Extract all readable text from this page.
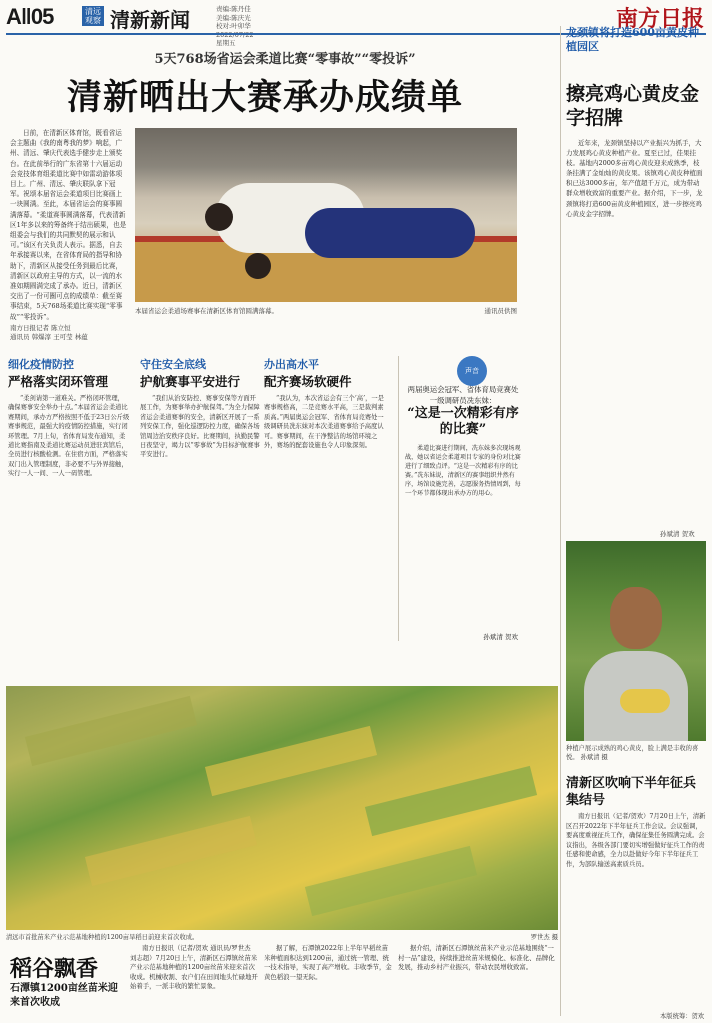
A‖05	清远观察 清新新闻
责编:陈丹佳
美编:陈庆光
校对:叶卯华
星期五
南方日报
5天768场省运会柔道比赛“零事故”“零投诉”
清新晒出大赛承办成绩单
日前，在清新区体育馆，既看省运会主题曲《我的南粤我的梦》响起，广州、清远、肇庆代表选手健步走上颁奖台。在此前举行的广东省第十六届运动会竞技体育组柔道比赛中如雷动游体项目上。广州、清远、肇庆联队拿下冠军。祝颂本届省运会柔道项目比赛画上一块圆满。至此，本届省运会的赛事圆满落幕。“柔道赛事圆满落幕，代表清新区1年多以来的筹备终于结出硕果，也是组委会与我们的共同默契的展示和认可。”该区有关负责人表示。据悉，自去年承接赛以来，在省体育局的指导和协助下，清新区从接受任务到最后比赛，清新区以政府主导的方式，以一流的水准如期圆满完成了承办。近日，清新区交出了一份可圈可点的成绩单：截至赛事结束，5天768场柔道比赛实现“零事故”“零投诉”。
南方日报记者 陈立恒
通讯员 韩爆淳 王可莹 林蕴
本届省运会柔道场赛事在清新区体育馆圆满落幕。	通讯员供图
细化疫情防控
严格落实闭环管理
“柔剑请第一道难关。严格闭环管理，确保赛事安全举办十点。”本届省运会柔道比赛期间，承办方严格按照不低于23日公斤级赛事规范，最强大的疫情防控措施，实行闭环管理。7月上旬，省体育局发布通知，柔道比赛指南及柔道比赛运动员进驻宾馆后，全员进行核酸检测。在住宿方面，严格落实双门出入管理制度，非必要不与外界接触，实行一人一间、一人一码管理。
守住安全底线
护航赛事平安进行
“我们从治安防控、赛事安保等方面开展工作，为赛事举办护航保驾。”为全力保障省运会柔道赛事的安全，清新区开展了一系列安保工作，强化巡逻防控力度，确保各场馆周边治安秩序良好。比赛期间，执勤民警日夜坚守，竭力以“零事故”为目标护航赛事平安进行。
办出高水平
配齐赛场软硬件
“我认为，本次省运会有三个‘高’，一是赛事规格高，二是竞赛水平高，三是裁判素质高。”两届奥运会冠军、省体育局竞赛处一级调研员冼东妹对本次柔道赛事给予高度认可。赛事期间，在干净整洁的场馆环境之外，赛场的配套设施也令人印象深刻。
声音
两届奥运会冠军、省体育局竞赛处一级调研员冼东妹：
“这是一次精彩有序的比赛”
柔道比赛进行期间，冼东妹多次现场观战，她以省运会柔道项目专家的身份对比赛进行了细致点评。“这是一次精彩有序的比赛。”冼东妹说，清新区的赛事组织井然有序，场馆设施完善，志愿服务热情周到，每一个环节都体现出承办方的用心。
孙斌清 贺欢
龙颈镇将打造600亩黄皮种植园区
擦亮鸡心黄皮金字招牌
近年来，龙颈镇坚持以产业振兴为抓手，大力发展鸡心黄皮种植产业。夏至已过，佳果挂枝。基地内2000多亩鸡心黄皮迎来成熟季，枝条挂满了金灿灿的黄皮果。该镇鸡心黄皮种植面积已达3000多亩，年产值超千万元，成为带动群众增收致富的重要产业。据介绍，下一步，龙颈镇将打造600亩黄皮种植园区，进一步擦亮鸡心黄皮金字招牌。
孙斌清 贺欢
种植户展示成熟的鸡心黄皮，脸上满是丰收的喜悦。 孙斌清 摄
清新区吹响下半年征兵集结号
南方日报讯（记者/贺欢）7月20日上午，清新区召开2022年下半年征兵工作会议。会议强调，要高度重视征兵工作，确保征集任务圆满完成。会议指出，各级各部门要切实增强做好征兵工作的责任感和使命感，全力以赴做好今年下半年征兵工作，为部队输送高素质兵员。
本版统筹：贺欢
清远市首批苗米产业示范基地种植的1200亩旱稻日前迎来首次收成。	罗世杰 摄
稻谷飘香
石潭镇1200亩丝苗米迎来首次收成
南方日报讯（记者/贺欢 通讯员/罗世杰 刘志超）7月20日上午，清新区石潭镇丝苗米产业示范基地种植的1200亩丝苗米迎来首次收成。机械收割、农户们在田间地头忙碌地开始着手，一派丰收的繁忙景象。
据了解，石潭镇2022年上半年早稻丝苗米种植面积达到1200亩，通过统一管理、统一技术指导，实现了高产增收。丰收季节，金黄色稻浪一望无际。
据介绍，清新区石潭镇丝苗米产业示范基地围绕“一村一品”建设，持续推进丝苗米规模化、标准化、品牌化发展，推动乡村产业振兴，带动农民增收致富。
